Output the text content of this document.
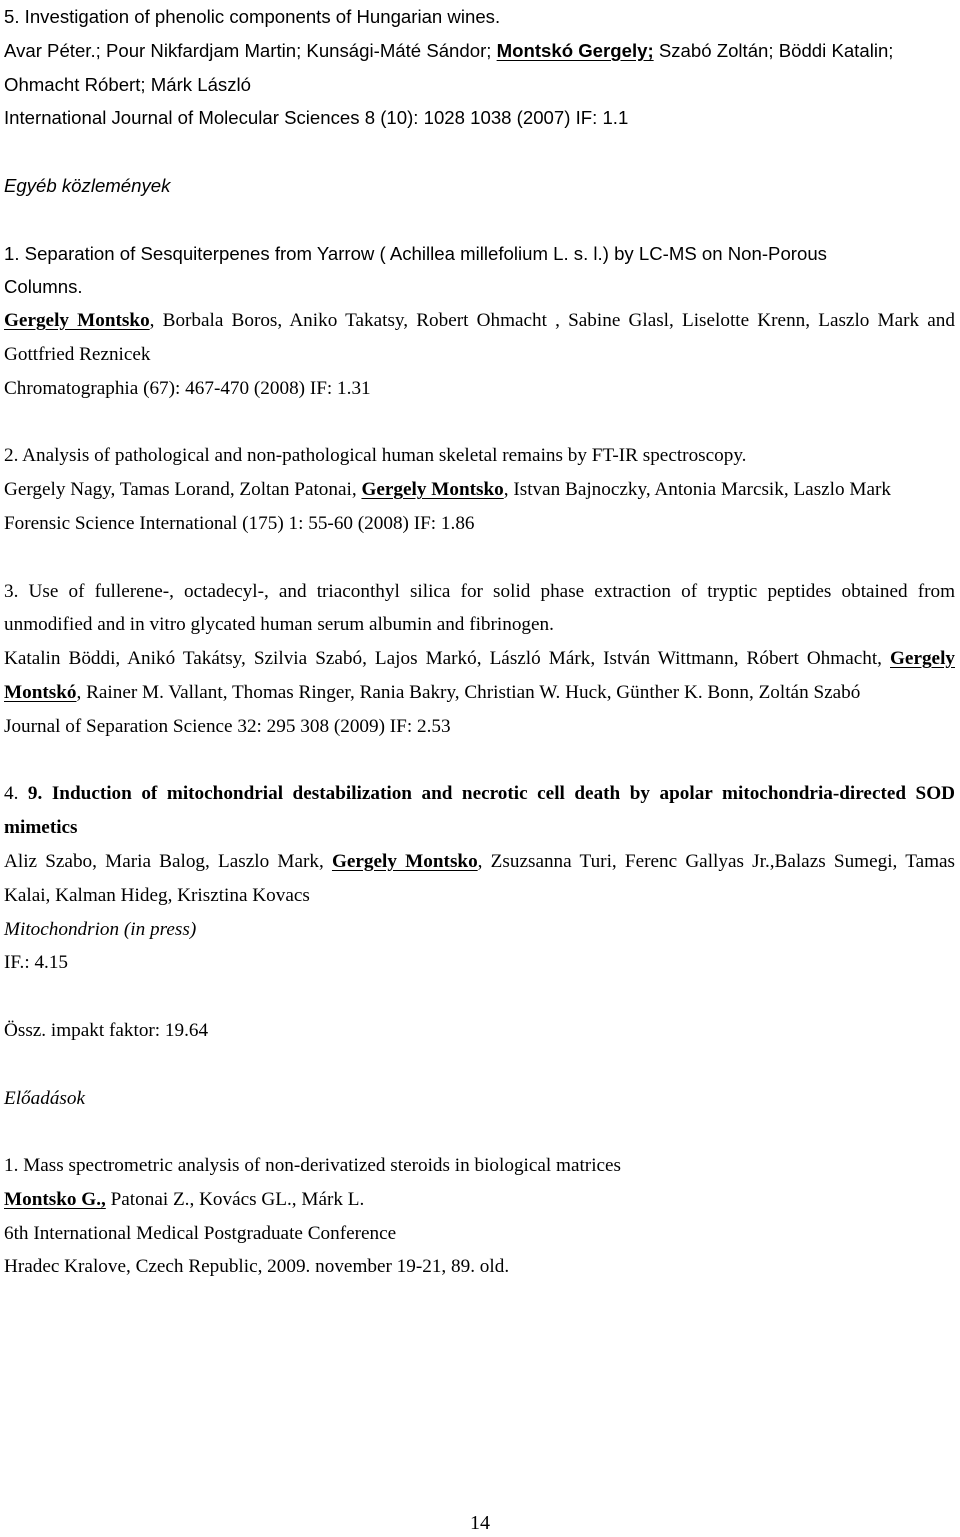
5. Investigation of phenolic components of Hungarian wines.
Avar Péter.; Pour Nikfardjam Martin; Kunsági-Máté Sándor; Montskó Gergely; Szabó Zoltán; Böddi Katalin;
Ohmacht Róbert; Márk László
International Journal of Molecular Sciences 8 (10): 1028 1038 (2007) IF: 1.1
Egyéb közlemények
1. Separation of Sesquiterpenes from Yarrow ( Achillea millefolium L. s. l.) by LC-MS on Non-Porous
Columns.
Gergely Montsko, Borbala Boros, Aniko Takatsy, Robert Ohmacht , Sabine Glasl, Liselotte Krenn, Laszlo Mark and Gottfried Reznicek
Chromatographia (67): 467-470 (2008) IF: 1.31
2. Analysis of pathological and non-pathological human skeletal remains by FT-IR spectroscopy.
Gergely Nagy, Tamas Lorand, Zoltan Patonai, Gergely Montsko, Istvan Bajnoczky, Antonia Marcsik, Laszlo Mark
Forensic Science International (175) 1: 55-60 (2008) IF: 1.86
3. Use of fullerene-, octadecyl-, and triaconthyl silica for solid phase extraction of tryptic peptides obtained from unmodified and in vitro glycated human serum albumin and fibrinogen.
Katalin Böddi, Anikó Takátsy, Szilvia Szabó, Lajos Markó, László Márk, István Wittmann, Róbert Ohmacht, Gergely Montskó, Rainer M. Vallant, Thomas Ringer, Rania Bakry, Christian W. Huck, Günther K. Bonn, Zoltán Szabó
Journal of Separation Science 32: 295 308 (2009) IF: 2.53
4. 9. Induction of mitochondrial destabilization and necrotic cell death by apolar mitochondria-directed SOD mimetics
Aliz Szabo, Maria Balog, Laszlo Mark, Gergely Montsko, Zsuzsanna Turi, Ferenc Gallyas Jr.,Balazs Sumegi, Tamas Kalai, Kalman Hideg, Krisztina Kovacs
Mitochondrion (in press)
IF.: 4.15
Össz. impakt faktor: 19.64
Előadások
1. Mass spectrometric analysis of non-derivatized steroids in biological matrices
Montsko G., Patonai Z., Kovács GL., Márk L.
6th International Medical Postgraduate Conference
Hradec Kralove, Czech Republic, 2009. november 19-21, 89. old.
14
